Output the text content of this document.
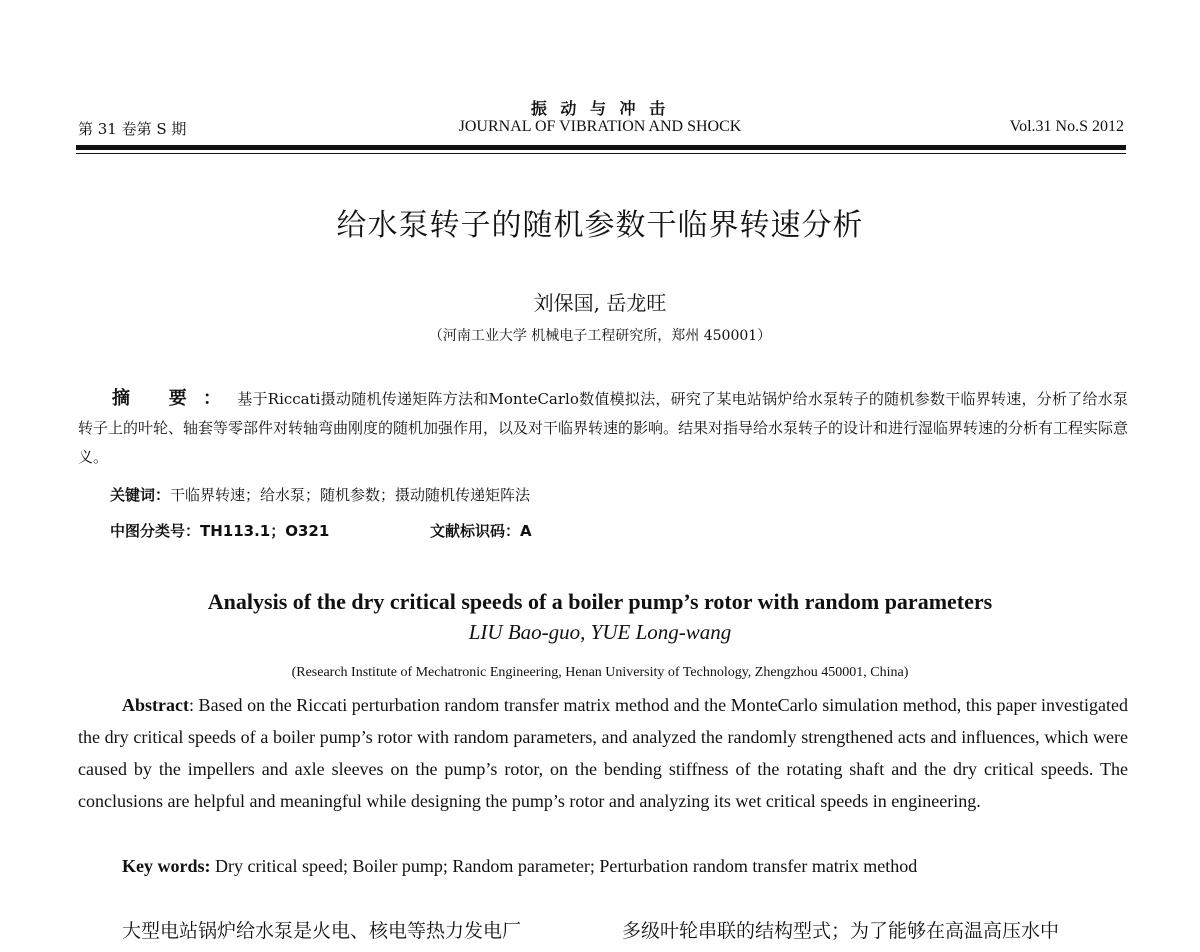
振 动 与 冲 击
第 31 卷第 S 期	JOURNAL OF VIBRATION AND SHOCK	Vol.31 No.S 2012
给水泵转子的随机参数干临界转速分析
刘保国, 岳龙旺
（河南工业大学 机械电子工程研究所，郑州 450001）
摘 要：基于Riccati摄动随机传递矩阵方法和MonteCarlo数值模拟法，研究了某电站锅炉给水泵转子的随机参数干临界转速，分析了给水泵转子上的叶轮、轴套等零部件对转轴弯曲刚度的随机加强作用，以及对干临界转速的影响。结果对指导给水泵转子的设计和进行湿临界转速的分析有工程实际意义。
关键词：干临界转速；给水泵；随机参数；摄动随机传递矩阵法
中图分类号：TH113.1；O321	文献标识码：A
Analysis of the dry critical speeds of a boiler pump’s rotor with random parameters
LIU Bao-guo, YUE Long-wang
(Research Institute of Mechatronic Engineering, Henan University of Technology, Zhengzhou 450001, China)
Abstract: Based on the Riccati perturbation random transfer matrix method and the MonteCarlo simulation method, this paper investigated the dry critical speeds of a boiler pump’s rotor with random parameters, and analyzed the randomly strengthened acts and influences, which were caused by the impellers and axle sleeves on the pump’s rotor, on the bending stiffness of the rotating shaft and the dry critical speeds. The conclusions are helpful and meaningful while designing the pump’s rotor and analyzing its wet critical speeds in engineering.
Key words: Dry critical speed; Boiler pump; Random parameter; Perturbation random transfer matrix method
大型电站锅炉给水泵是火电、核电等热力发电厂	多级叶轮串联的结构型式；为了能够在高温高压水中
